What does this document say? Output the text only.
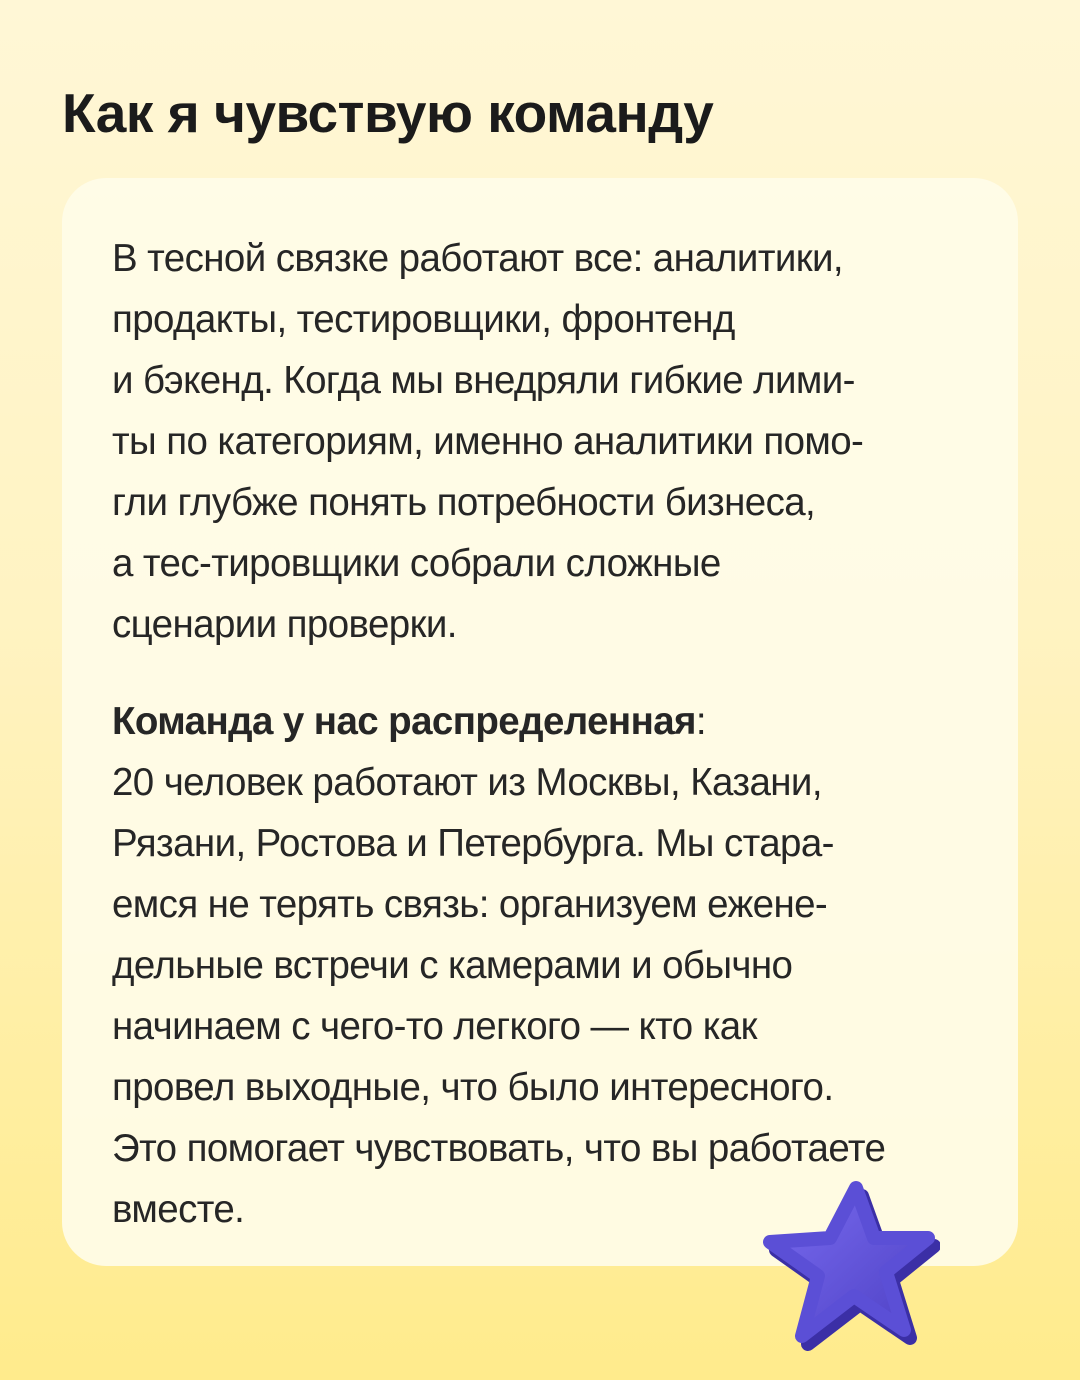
Как я чувствую команду

В тесной связке работают все: аналитики,
продакты, тестировщики, фронтенд
и бэкенд. Когда мы внедряли гибкие лими-
ты по категориям, именно аналитики помо-
гли глубже понять потребности бизнеса,
а тес-тировщики собрали сложные
сценарии проверки.

Команда у нас распределенная:
20 человек работают из Москвы, Казани,
Рязани, Ростова и Петербурга. Мы стара-
емся не терять связь: организуем ежене-
дельные встречи с камерами и обычно
начинаем с чего-то легкого — кто как
провел выходные, что было интересного.
Это помогает чувствовать, что вы работаете
вместе.
